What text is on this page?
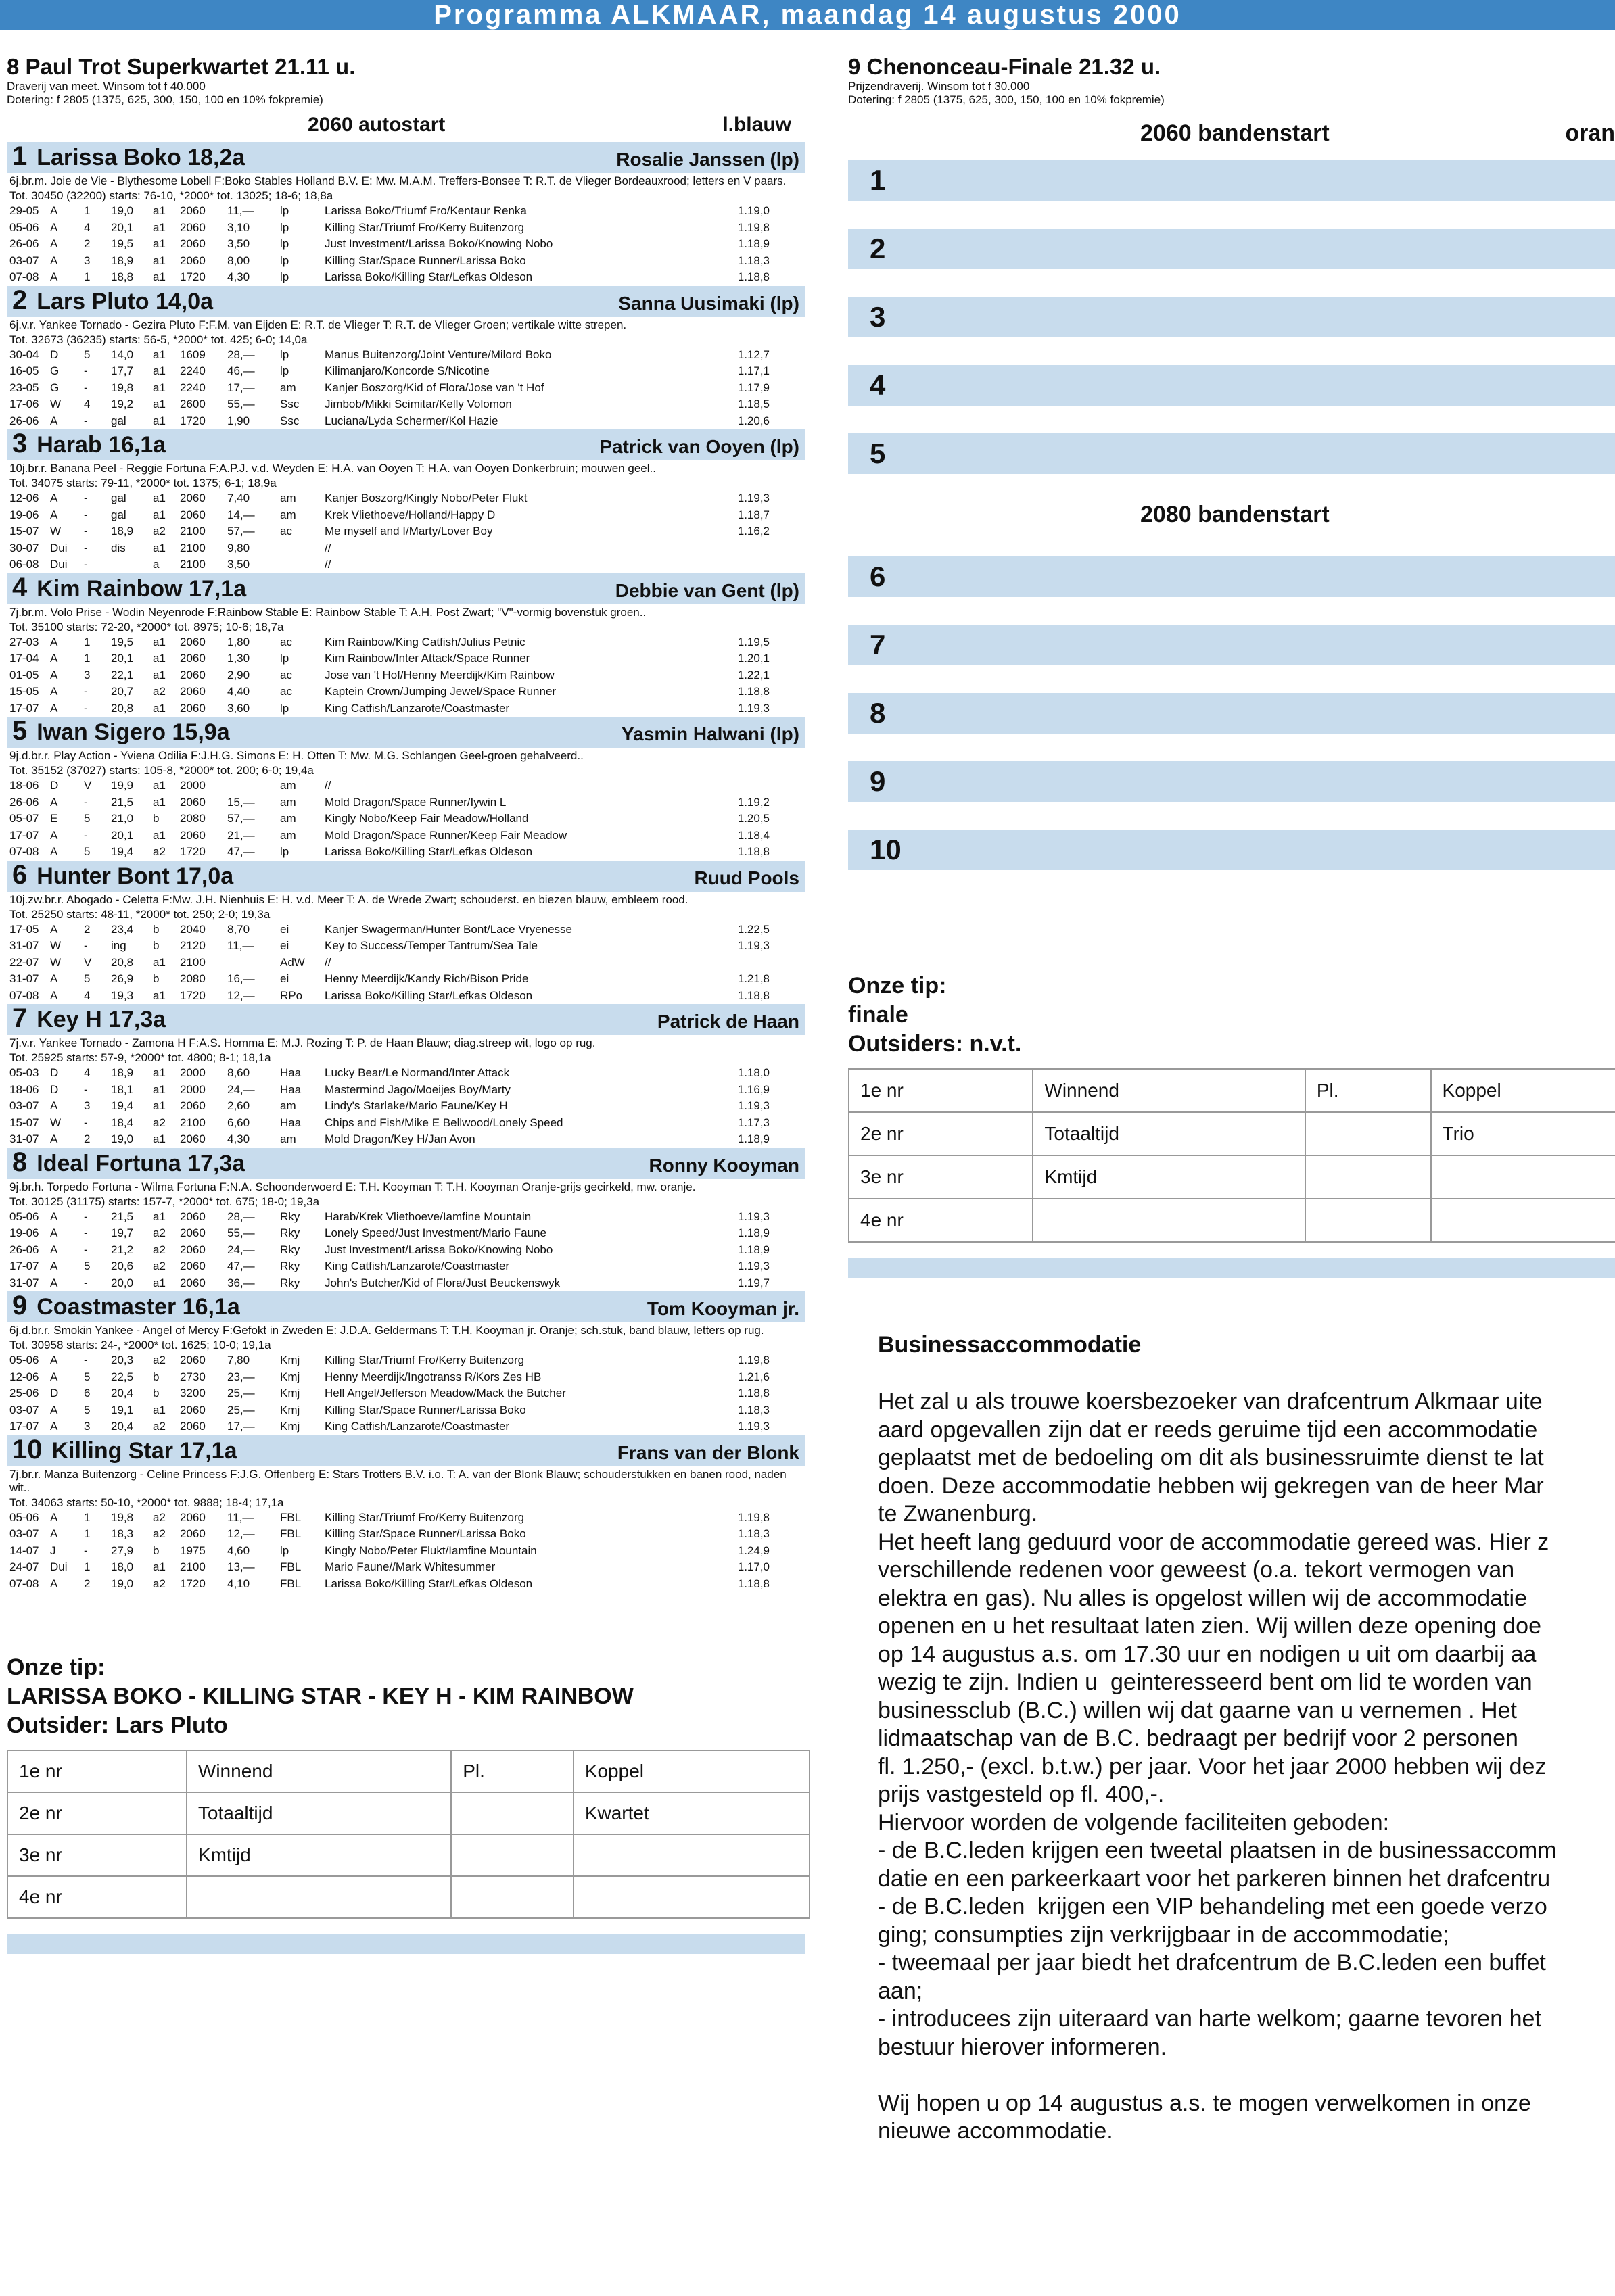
Programma ALKMAAR, maandag 14 augustus 2000
8 Paul Trot Superkwartet 21.11 u.
Draverij van meet. Winsom tot f 40.000
Dotering: f 2805 (1375, 625, 300, 150, 100 en 10% fokpremie)
2060 autostart	l.blauw
1 Larissa Boko 18,2a	Rosalie Janssen (lp)
6j.br.m. Joie de Vie - Blythesome Lobell F:Boko Stables Holland B.V. E: Mw. M.A.M. Treffers-Bonsee T: R.T. de Vlieger Bordeauxrood; letters en V paars.
Tot. 30450 (32200) starts: 76-10, *2000* tot. 13025; 18-6; 18,8a
29-05 A	1	19,0	a1	2060	11,—	lp	Larissa Boko/Triumf Fro/Kentaur Renka	1.19,0
05-06 A	4	20,1	a1	2060	3,10	lp	Killing Star/Triumf Fro/Kerry Buitenzorg	1.19,8
26-06 A	2	19,5	a1	2060	3,50	lp	Just Investment/Larissa Boko/Knowing Nobo	1.18,9
03-07 A	3	18,9	a1	2060	8,00	lp	Killing Star/Space Runner/Larissa Boko	1.18,3
07-08 A	1	18,8	a1	1720	4,30	lp	Larissa Boko/Killing Star/Lefkas Oldeson	1.18,8
2 Lars Pluto 14,0a	Sanna Uusimaki (lp)
6j.v.r. Yankee Tornado - Gezira Pluto F:F.M. van Eijden E: R.T. de Vlieger T: R.T. de Vlieger Groen; vertikale witte strepen.
Tot. 32673 (36235) starts: 56-5, *2000* tot. 425; 6-0; 14,0a
30-04 D	5	14,0	a1	1609	28,—	lp	Manus Buitenzorg/Joint Venture/Milord Boko	1.12,7
16-05 G	-	17,7	a1	2240	46,—	lp	Kilimanjaro/Koncorde S/Nicotine	1.17,1
23-05 G	-	19,8	a1	2240	17,—	am	Kanjer Boszorg/Kid of Flora/Jose van 't Hof	1.17,9
17-06 W	4	19,2	a1	2600	55,—	Ssc	Jimbob/Mikki Scimitar/Kelly Volomon	1.18,5
26-06 A	-	gal	a1	1720	1,90	Ssc	Luciana/Lyda Schermer/Kol Hazie	1.20,6
3 Harab 16,1a	Patrick van Ooyen (lp)
10j.br.r. Banana Peel - Reggie Fortuna F:A.P.J. v.d. Weyden E: H.A. van Ooyen T: H.A. van Ooyen Donkerbruin; mouwen geel..
Tot. 34075 starts: 79-11, *2000* tot. 1375; 6-1; 18,9a
12-06 A	-	gal	a1	2060	7,40	am	Kanjer Boszorg/Kingly Nobo/Peter Flukt	1.19,3
19-06 A	-	gal	a1	2060	14,—	am	Krek Vliethoeve/Holland/Happy D	1.18,7
15-07 W	-	18,9	a2	2100	57,—	ac	Me myself and I/Marty/Lover Boy	1.16,2
30-07 Dui	-	dis	a1	2100	9,80	//
06-08 Dui	-	a	2100	3,50	//
4 Kim Rainbow 17,1a	Debbie van Gent (lp)
7j.br.m. Volo Prise - Wodin Neyenrode F:Rainbow Stable E: Rainbow Stable T: A.H. Post Zwart; "V"-vormig bovenstuk groen..
Tot. 35100 starts: 72-20, *2000* tot. 8975; 10-6; 18,7a
27-03 A	1	19,5	a1	2060	1,80	ac	Kim Rainbow/King Catfish/Julius Petnic	1.19,5
17-04 A	1	20,1	a1	2060	1,30	lp	Kim Rainbow/Inter Attack/Space Runner	1.20,1
01-05 A	3	22,1	a1	2060	2,90	ac	Jose van 't Hof/Henny Meerdijk/Kim Rainbow	1.22,1
15-05 A	-	20,7	a2	2060	4,40	ac	Kaptein Crown/Jumping Jewel/Space Runner	1.18,8
17-07 A	-	20,8	a1	2060	3,60	lp	King Catfish/Lanzarote/Coastmaster	1.19,3
5 Iwan Sigero 15,9a	Yasmin Halwani (lp)
9j.d.br.r. Play Action - Yviena Odilia F:J.H.G. Simons E: H. Otten T: Mw. M.G. Schlangen Geel-groen gehalveerd..
Tot. 35152 (37027) starts: 105-8, *2000* tot. 200; 6-0; 19,4a
18-06 D	V	19,9	a1	2000	am	//
26-06 A	-	21,5	a1	2060	15,—	am	Mold Dragon/Space Runner/Iywin L	1.19,2
05-07 E	5	21,0	b	2080	57,—	am	Kingly Nobo/Keep Fair Meadow/Holland	1.20,5
17-07 A	-	20,1	a1	2060	21,—	am	Mold Dragon/Space Runner/Keep Fair Meadow	1.18,4
07-08 A	5	19,4	a2	1720	47,—	lp	Larissa Boko/Killing Star/Lefkas Oldeson	1.18,8
6 Hunter Bont 17,0a	Ruud Pools
10j.zw.br.r. Abogado - Celetta F:Mw. J.H. Nienhuis E: H. v.d. Meer T: A. de Wrede Zwart; schouderst. en biezen blauw, embleem rood.
Tot. 25250 starts: 48-11, *2000* tot. 250; 2-0; 19,3a
17-05 A	2	23,4	b	2040	8,70	ei	Kanjer Swagerman/Hunter Bont/Lace Vryenesse	1.22,5
31-07 W	-	ing	b	2120	11,—	ei	Key to Success/Temper Tantrum/Sea Tale	1.19,3
22-07 W	V	20,8	a1	2100	AdW	//
31-07 A	5	26,9	b	2080	16,—	ei	Henny Meerdijk/Kandy Rich/Bison Pride	1.21,8
07-08 A	4	19,3	a1	1720	12,—	RPo	Larissa Boko/Killing Star/Lefkas Oldeson	1.18,8
7 Key H 17,3a	Patrick de Haan
7j.v.r. Yankee Tornado - Zamona H F:A.S. Homma E: M.J. Rozing T: P. de Haan Blauw; diag.streep wit, logo op rug.
Tot. 25925 starts: 57-9, *2000* tot. 4800; 8-1; 18,1a
05-03 D	4	18,9	a1	2000	8,60	Haa	Lucky Bear/Le Normand/Inter Attack	1.18,0
18-06 D	-	18,1	a1	2000	24,—	Haa	Mastermind Jago/Moeijes Boy/Marty	1.16,9
03-07 A	3	19,4	a1	2060	2,60	am	Lindy's Starlake/Mario Faune/Key H	1.19,3
15-07 W	-	18,4	a2	2100	6,60	Haa	Chips and Fish/Mike E Bellwood/Lonely Speed	1.17,3
31-07 A	2	19,0	a1	2060	4,30	am	Mold Dragon/Key H/Jan Avon	1.18,9
8 Ideal Fortuna 17,3a	Ronny Kooyman
9j.br.h. Torpedo Fortuna - Wilma Fortuna F:N.A. Schoonderwoerd E: T.H. Kooyman T: T.H. Kooyman Oranje-grijs gecirkeld, mw. oranje.
Tot. 30125 (31175) starts: 157-7, *2000* tot. 675; 18-0; 19,3a
05-06 A	-	21,5	a1	2060	28,—	Rky	Harab/Krek Vliethoeve/Iamfine Mountain	1.19,3
19-06 A	-	19,7	a2	2060	55,—	Rky	Lonely Speed/Just Investment/Mario Faune	1.18,9
26-06 A	-	21,2	a2	2060	24,—	Rky	Just Investment/Larissa Boko/Knowing Nobo	1.18,9
17-07 A	5	20,6	a2	2060	47,—	Rky	King Catfish/Lanzarote/Coastmaster	1.19,3
31-07 A	-	20,0	a1	2060	36,—	Rky	John's Butcher/Kid of Flora/Just Beuckenswyk	1.19,7
9 Coastmaster 16,1a	Tom Kooyman jr.
6j.d.br.r. Smokin Yankee - Angel of Mercy F:Gefokt in Zweden E: J.D.A. Geldermans T: T.H. Kooyman jr. Oranje; sch.stuk, band blauw, letters op rug.
Tot. 30958 starts: 24-, *2000* tot. 1625; 10-0; 19,1a
05-06 A	-	20,3	a2	2060	7,80	Kmj	Killing Star/Triumf Fro/Kerry Buitenzorg	1.19,8
12-06 A	5	22,5	b	2730	23,—	Kmj	Henny Meerdijk/Ingotranss R/Kors Zes HB	1.21,6
25-06 D	6	20,4	b	3200	25,—	Kmj	Hell Angel/Jefferson Meadow/Mack the Butcher	1.18,8
03-07 A	5	19,1	a1	2060	25,—	Kmj	Killing Star/Space Runner/Larissa Boko	1.18,3
17-07 A	3	20,4	a2	2060	17,—	Kmj	King Catfish/Lanzarote/Coastmaster	1.19,3
10 Killing Star 17,1a	Frans van der Blonk
7j.br.r. Manza Buitenzorg - Celine Princess F:J.G. Offenberg E: Stars Trotters B.V. i.o. T: A. van der Blonk Blauw; schouderstukken en banen rood, naden wit..
Tot. 34063 starts: 50-10, *2000* tot. 9888; 18-4; 17,1a
05-06 A	1	19,8	a2	2060	11,—	FBL	Killing Star/Triumf Fro/Kerry Buitenzorg	1.19,8
03-07 A	1	18,3	a2	2060	12,—	FBL	Killing Star/Space Runner/Larissa Boko	1.18,3
14-07 J	-	27,9	b	1975	4,60	lp	Kingly Nobo/Peter Flukt/Iamfine Mountain	1.24,9
24-07 Dui	1	18,0	a1	2100	13,—	FBL	Mario Faune//Mark Whitesummer	1.17,0
07-08 A	2	19,0	a2	1720	4,10	FBL	Larissa Boko/Killing Star/Lefkas Oldeson	1.18,8
Onze tip:
LARISSA BOKO - KILLING STAR - KEY H - KIM RAINBOW
Outsider: Lars Pluto
1e nr	Winnend	Pl.	Koppel
2e nr	Totaaltijd		Kwartet
3e nr	Kmtijd		
4e nr			
9 Chenonceau-Finale 21.32 u.
Prijzendraverij. Winsom tot f 30.000
Dotering: f 2805 (1375, 625, 300, 150, 100 en 10% fokpremie)
2060 bandenstart	oran
1
2
3
4
5
2080 bandenstart
6
7
8
9
10
Onze tip:
finale
Outsiders: n.v.t.
1e nr	Winnend	Pl.	Koppel
2e nr	Totaaltijd		Trio
3e nr	Kmtijd		
4e nr			
Businessaccommodatie
Het zal u als trouwe koersbezoeker van drafcentrum Alkmaar uite
aard opgevallen zijn dat er reeds geruime tijd een accommodatie
geplaatst met de bedoeling om dit als businessruimte dienst te lat
doen. Deze accommodatie hebben wij gekregen van de heer Mar
te Zwanenburg.
Het heeft lang geduurd voor de accommodatie gereed was. Hier z
verschillende redenen voor geweest (o.a. tekort vermogen van
elektra en gas). Nu alles is opgelost willen wij de accommodatie
openen en u het resultaat laten zien. Wij willen deze opening doe
op 14 augustus a.s. om 17.30 uur en nodigen u uit om daarbij aa
wezig te zijn. Indien u  geinteresseerd bent om lid te worden van
businessclub (B.C.) willen wij dat gaarne van u vernemen . Het
lidmaatschap van de B.C. bedraagt per bedrijf voor 2 personen
fl. 1.250,- (excl. b.t.w.) per jaar. Voor het jaar 2000 hebben wij dez
prijs vastgesteld op fl. 400,-.
Hiervoor worden de volgende faciliteiten geboden:
- de B.C.leden krijgen een tweetal plaatsen in de businessaccomm
datie en een parkeerkaart voor het parkeren binnen het drafcentru
- de B.C.leden  krijgen een VIP behandeling met een goede verzo
ging; consumpties zijn verkrijgbaar in de accommodatie;
- tweemaal per jaar biedt het drafcentrum de B.C.leden een buffet
aan;
- introducees zijn uiteraard van harte welkom; gaarne tevoren het
bestuur hierover informeren.

Wij hopen u op 14 augustus a.s. te mogen verwelkomen in onze
nieuwe accommodatie.
